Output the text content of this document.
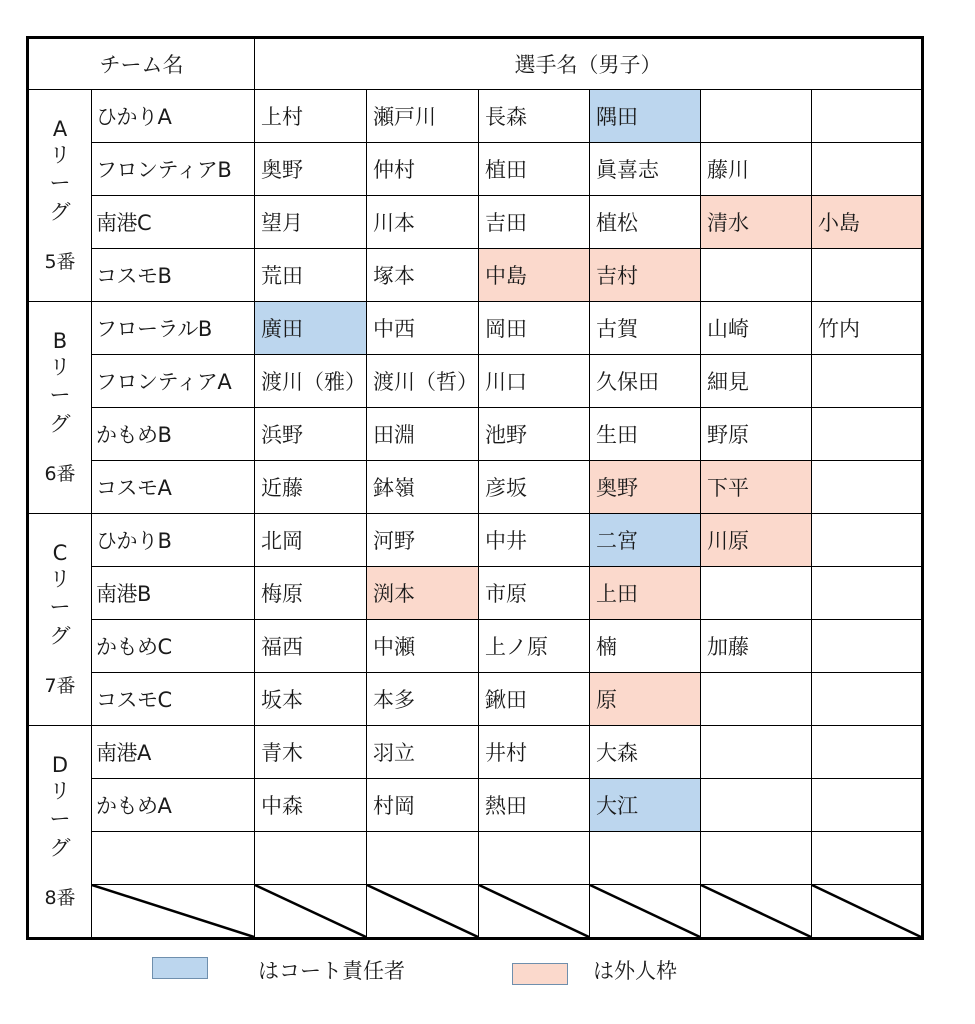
チーム名		選手名（男子）					

A
リ
ー
グ
5番	ひかりA	上村	瀬戸川	長森	隅田		
	フロンティアB	奥野	仲村	植田	眞喜志	藤川	
	南港C	望月	川本	吉田	植松	清水	小島
	コスモB	荒田	塚本	中島	吉村		

B
リ
ー
グ
6番	フローラルB	廣田	中西	岡田	古賀	山崎	竹内
	フロンティアA	渡川（雅）	渡川（哲）	川口	久保田	細見	
	かもめB	浜野	田淵	池野	生田	野原	
	コスモA	近藤	鉢嶺	彦坂	奥野	下平	

C
リ
ー
グ
7番	ひかりB	北岡	河野	中井	二宮	川原	
	南港B	梅原	渕本	市原	上田		
	かもめC	福西	中瀬	上ノ原	楠	加藤	
	コスモC	坂本	本多	鍬田	原		

D
リ
ー
グ
8番	南港A	青木	羽立	井村	大森		
	かもめA	中森	村岡	熱田	大江		

はコート責任者	は外人枠
